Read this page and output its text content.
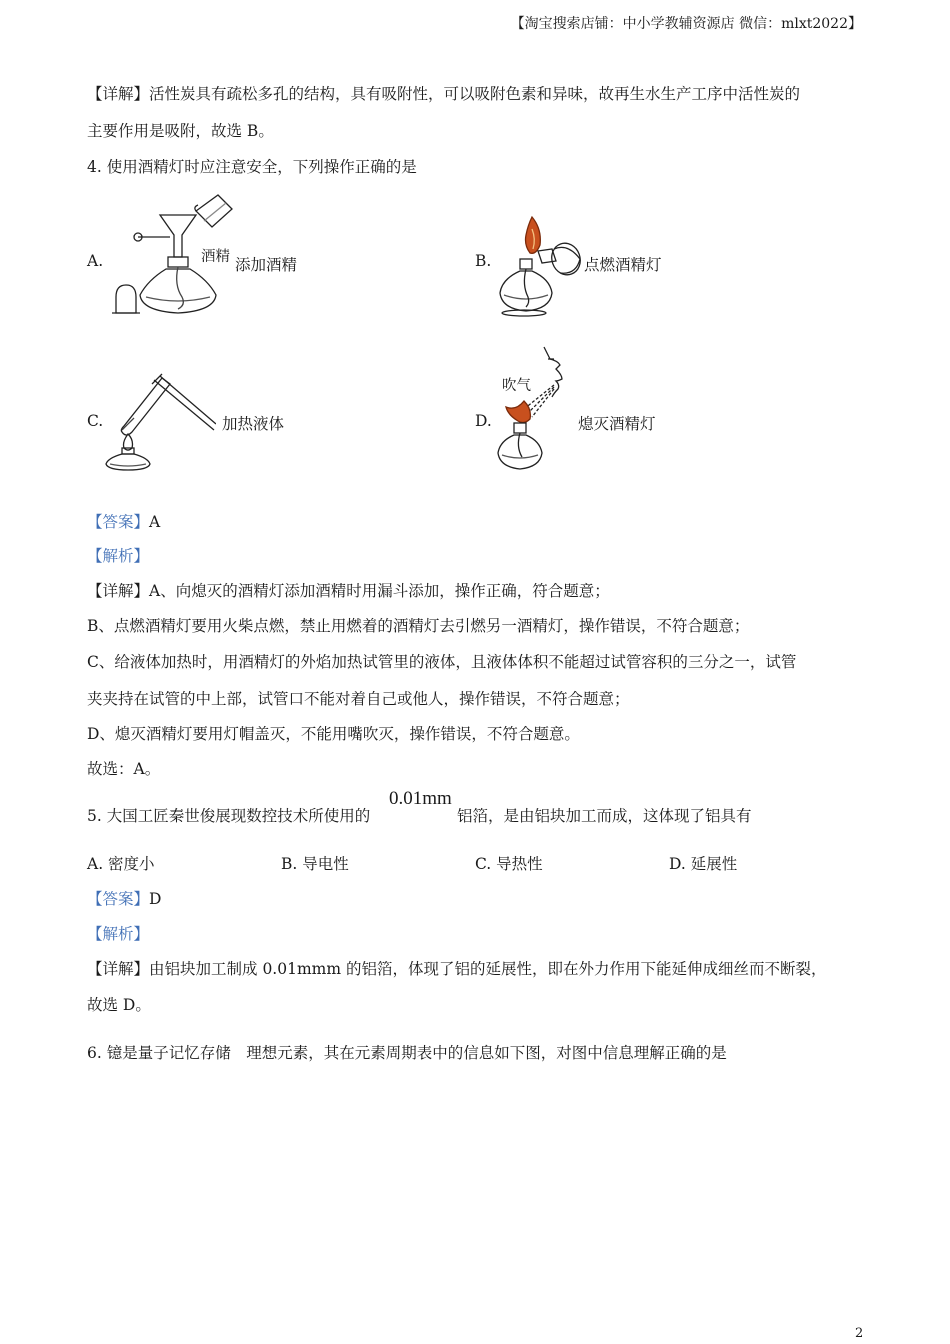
【淘宝搜索店铺：中小学教辅资源店 微信：mlxt2022】
【详解】活性炭具有疏松多孔的结构，具有吸附性，可以吸附色素和异味，故再生水生产工序中活性炭的
主要作用是吸附，故选 B。
4. 使用酒精灯时应注意安全，下列操作正确的是
A.	酒精 添加酒精	B.	点燃酒精灯
C.	加热液体	D.
吹气
熄灭酒精灯
【答案】A
【解析】
【详解】A、向熄灭的酒精灯添加酒精时用漏斗添加，操作正确，符合题意；
B、点燃酒精灯要用火柴点燃，禁止用燃着的酒精灯去引燃另一酒精灯，操作错误，不符合题意；
C、给液体加热时，用酒精灯的外焰加热试管里的液体，且液体体积不能超过试管容积的三分之一，试管
夹夹持在试管的中上部，试管口不能对着自己或他人，操作错误，不符合题意；
D、熄灭酒精灯要用灯帽盖灭，不能用嘴吹灭，操作错误，不符合题意。
故选：A。
5. 大国工匠秦世俊展现数控技术所使用的
0.01mm
铝箔，是由铝块加工而成，这体现了铝具有
A. 密度小	B. 导电性	C. 导热性	D. 延展性
【答案】D
【解析】
【详解】由铝块加工制成 0.01mmm 的铝箔，体现了铝的延展性，即在外力作用下能延伸成细丝而不断裂，
故选 D。
6. 镱是量子记忆存储　理想元素，其在元素周期表中的信息如下图，对图中信息理解正确的是
2
